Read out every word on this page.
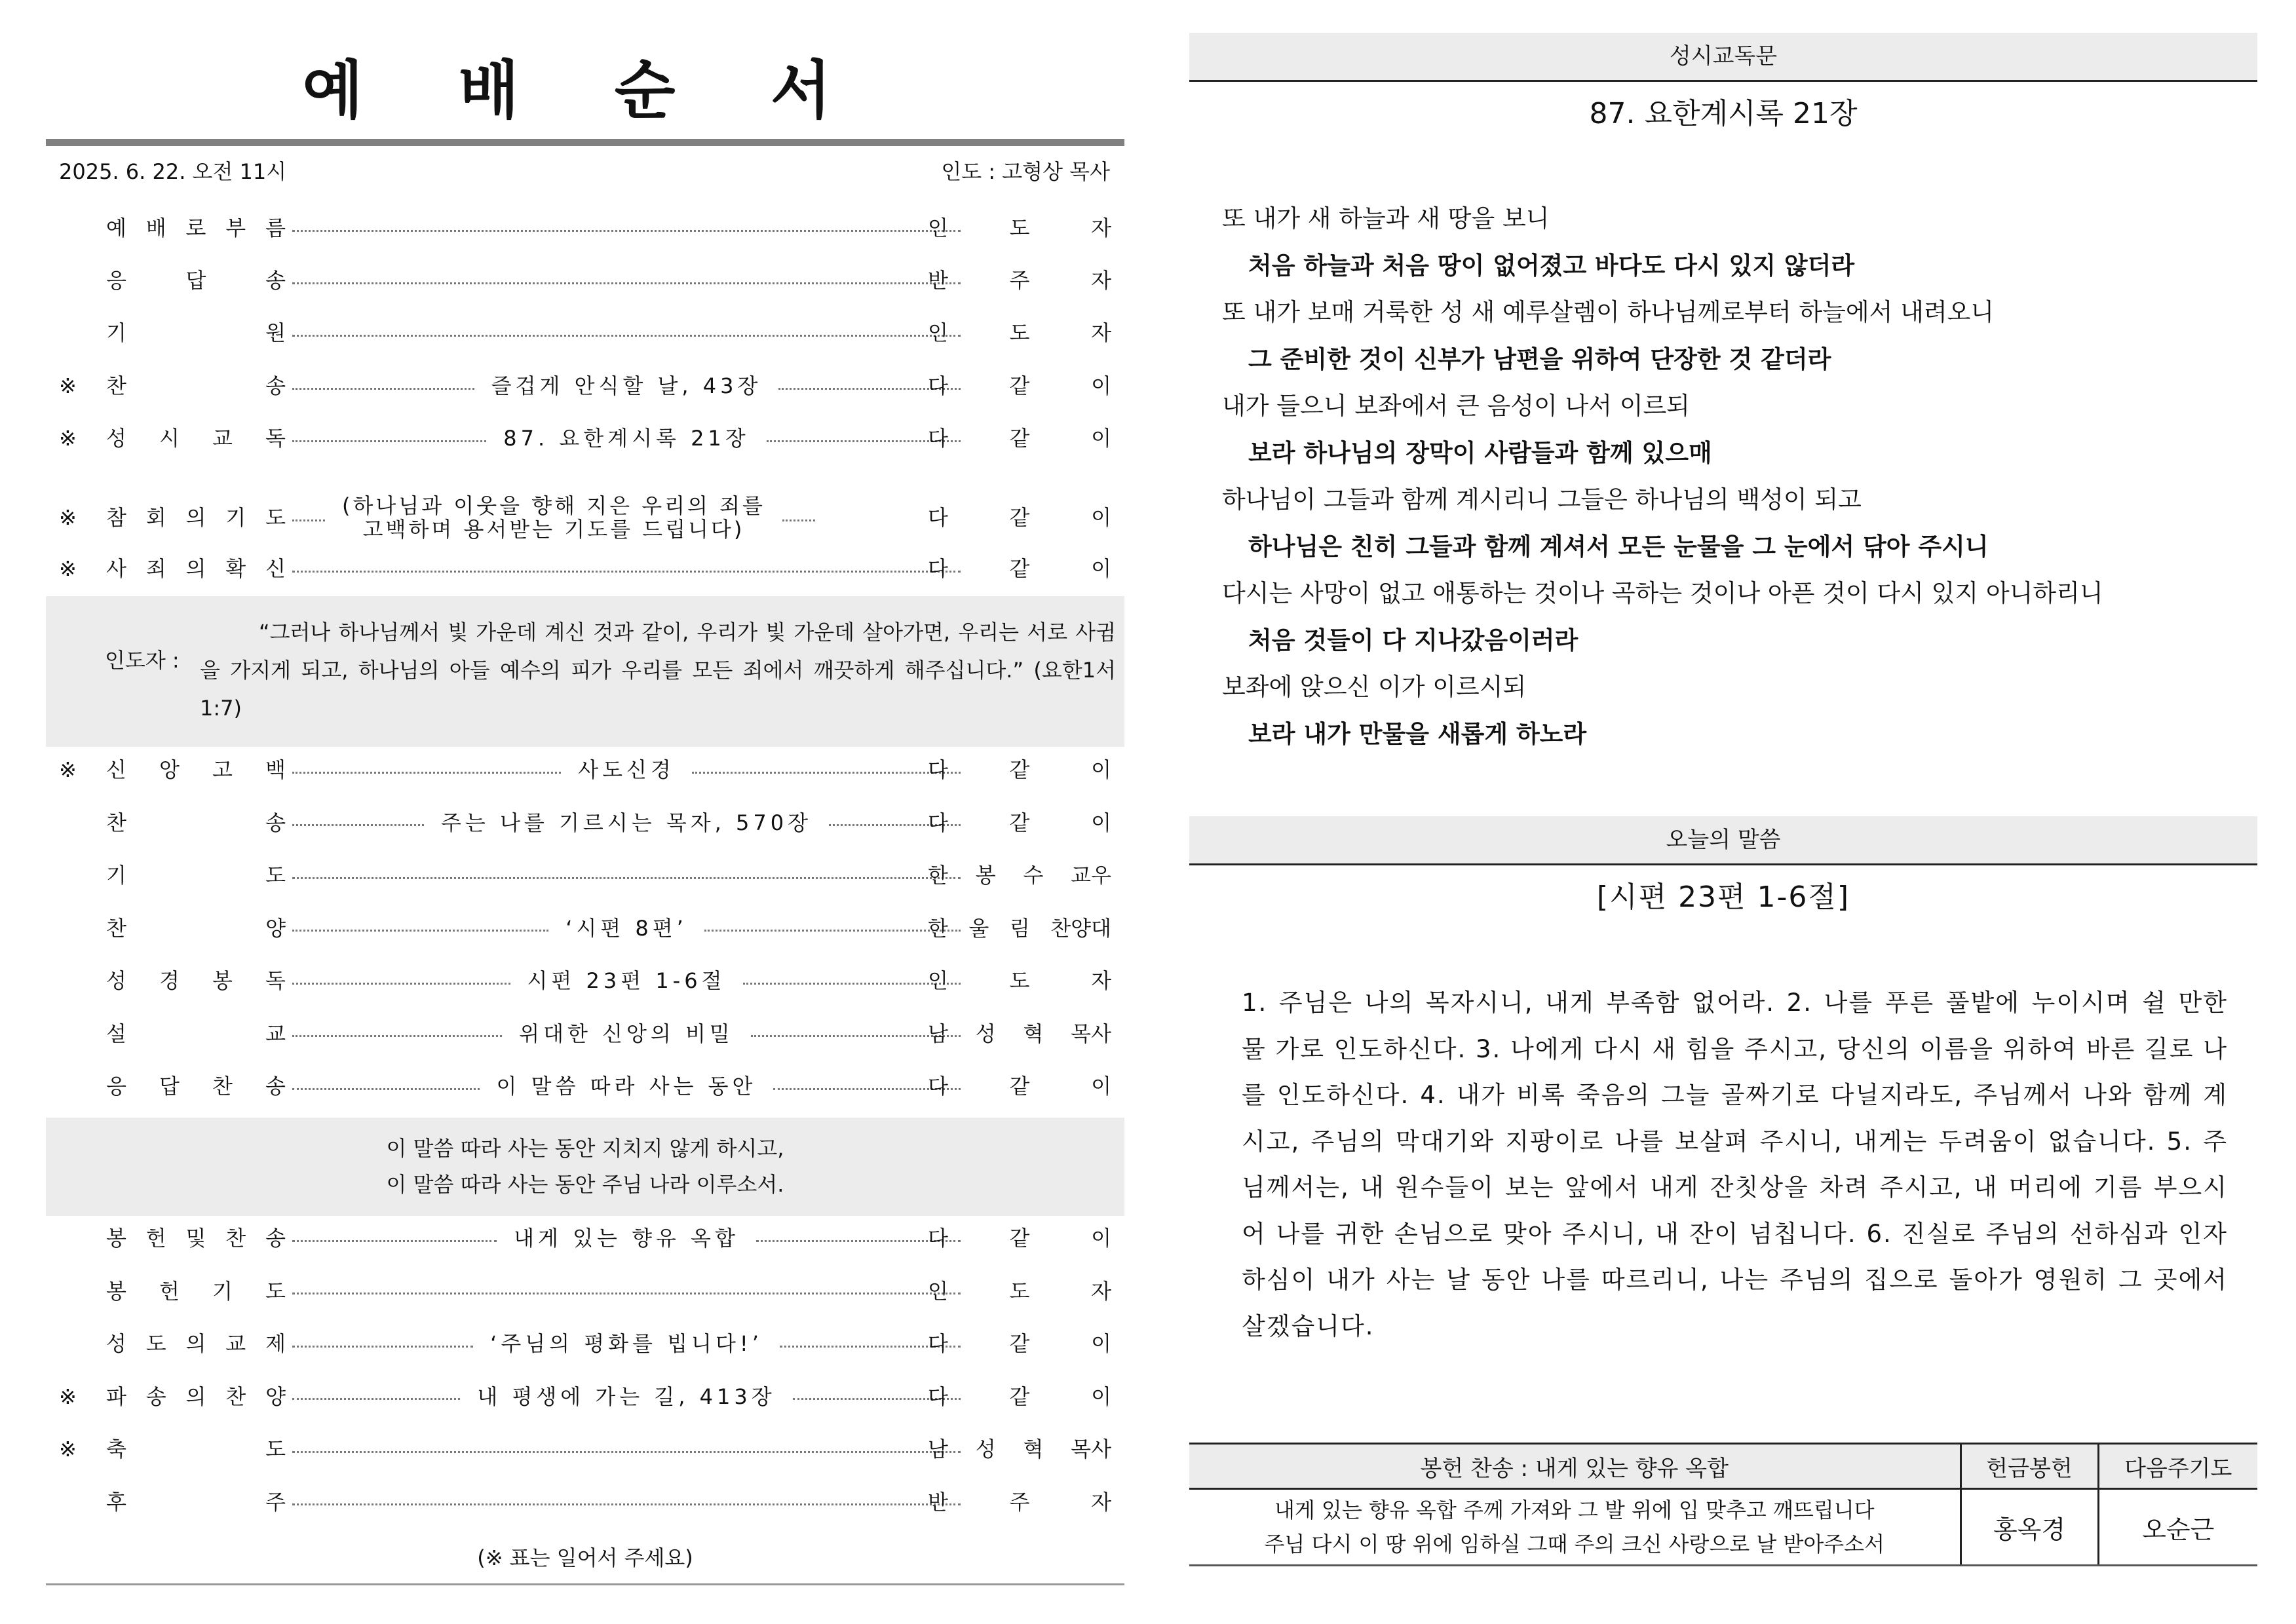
예 배 순 서
2025. 6. 22. 오전 11시	인도 : 고형상 목사
예 배 로 부 름	인	도	자
응	답	송	반	주	자
기	원	인	도	자
※	찬	송	즐겁게 안식할 날, 43장	다	같	이
※	성 시 교 독	87. 요한계시록 21장	다	같	이
※	참 회 의 기 도	(하나님과 이웃을 향해 지은 우리의 죄를
고백하며 용서받는 기도를 드립니다)	다	같	이
※	사 죄 의 확 신	다	같	이
인도자 :
“그러나 하나님께서 빛 가운데 계신 것과 같이, 우리가 빛 가운데 살아가면, 우리는 서로 사귐을 가지게 되고, 하나님의 아들 예수의 피가 우리를 모든 죄에서 깨끗하게 해주십니다.” (요한1서 1:7)
※	신 앙 고 백	사도신경	다	같	이
찬	송	주는 나를 기르시는 목자, 570장	다	같	이
기	도	한 봉 수 교우
찬	양	‘시편 8편’	한 울 림 찬양대
성 경 봉 독	시편 23편 1-6절	인	도	자
설	교	위대한 신앙의 비밀	남 성 혁 목사
응 답 찬 송	이 말씀 따라 사는 동안	다	같	이
이 말씀 따라 사는 동안 지치지 않게 하시고,
이 말씀 따라 사는 동안 주님 나라 이루소서.
봉 헌 및 찬 송	내게 있는 향유 옥합	다	같	이
봉 헌 기 도	인	도	자
성 도 의 교 제	‘주님의 평화를 빕니다!’	다	같	이
※	파 송 의 찬 양	내 평생에 가는 길, 413장	다	같	이
※	축	도	남 성 혁 목사
후	주	반	주	자
(※ 표는 일어서 주세요)
성시교독문
87. 요한계시록 21장
또 내가 새 하늘과 새 땅을 보니
처음 하늘과 처음 땅이 없어졌고 바다도 다시 있지 않더라
또 내가 보매 거룩한 성 새 예루살렘이 하나님께로부터 하늘에서 내려오니
그 준비한 것이 신부가 남편을 위하여 단장한 것 같더라
내가 들으니 보좌에서 큰 음성이 나서 이르되
보라 하나님의 장막이 사람들과 함께 있으매
하나님이 그들과 함께 계시리니 그들은 하나님의 백성이 되고
하나님은 친히 그들과 함께 계셔서 모든 눈물을 그 눈에서 닦아 주시니
다시는 사망이 없고 애통하는 것이나 곡하는 것이나 아픈 것이 다시 있지 아니하리니
처음 것들이 다 지나갔음이러라
보좌에 앉으신 이가 이르시되
보라 내가 만물을 새롭게 하노라
오늘의 말씀
[시편 23편 1-6절]
1. 주님은 나의 목자시니, 내게 부족함 없어라. 2. 나를 푸른 풀밭에 누이시며 쉴 만한 물 가로 인도하신다. 3. 나에게 다시 새 힘을 주시고, 당신의 이름을 위하여 바른 길로 나를 인도하신다. 4. 내가 비록 죽음의 그늘 골짜기로 다닐지라도, 주님께서 나와 함께 계시고, 주님의 막대기와 지팡이로 나를 보살펴 주시니, 내게는 두려움이 없습니다. 5. 주님께서는, 내 원수들이 보는 앞에서 내게 잔칫상을 차려 주시고, 내 머리에 기름 부으시어 나를 귀한 손님으로 맞아 주시니, 내 잔이 넘칩니다. 6. 진실로 주님의 선하심과 인자하심이 내가 사는 날 동안 나를 따르리니, 나는 주님의 집으로 돌아가 영원히 그 곳에서 살겠습니다.
봉헌 찬송 : 내게 있는 향유 옥합	헌금봉헌	다음주기도

내게 있는 향유 옥합 주께 가져와 그 발 위에 입 맞추고 깨뜨립니다
주님 다시 이 땅 위에 임하실 그때 주의 크신 사랑으로 날 받아주소서	홍옥경	오순근
